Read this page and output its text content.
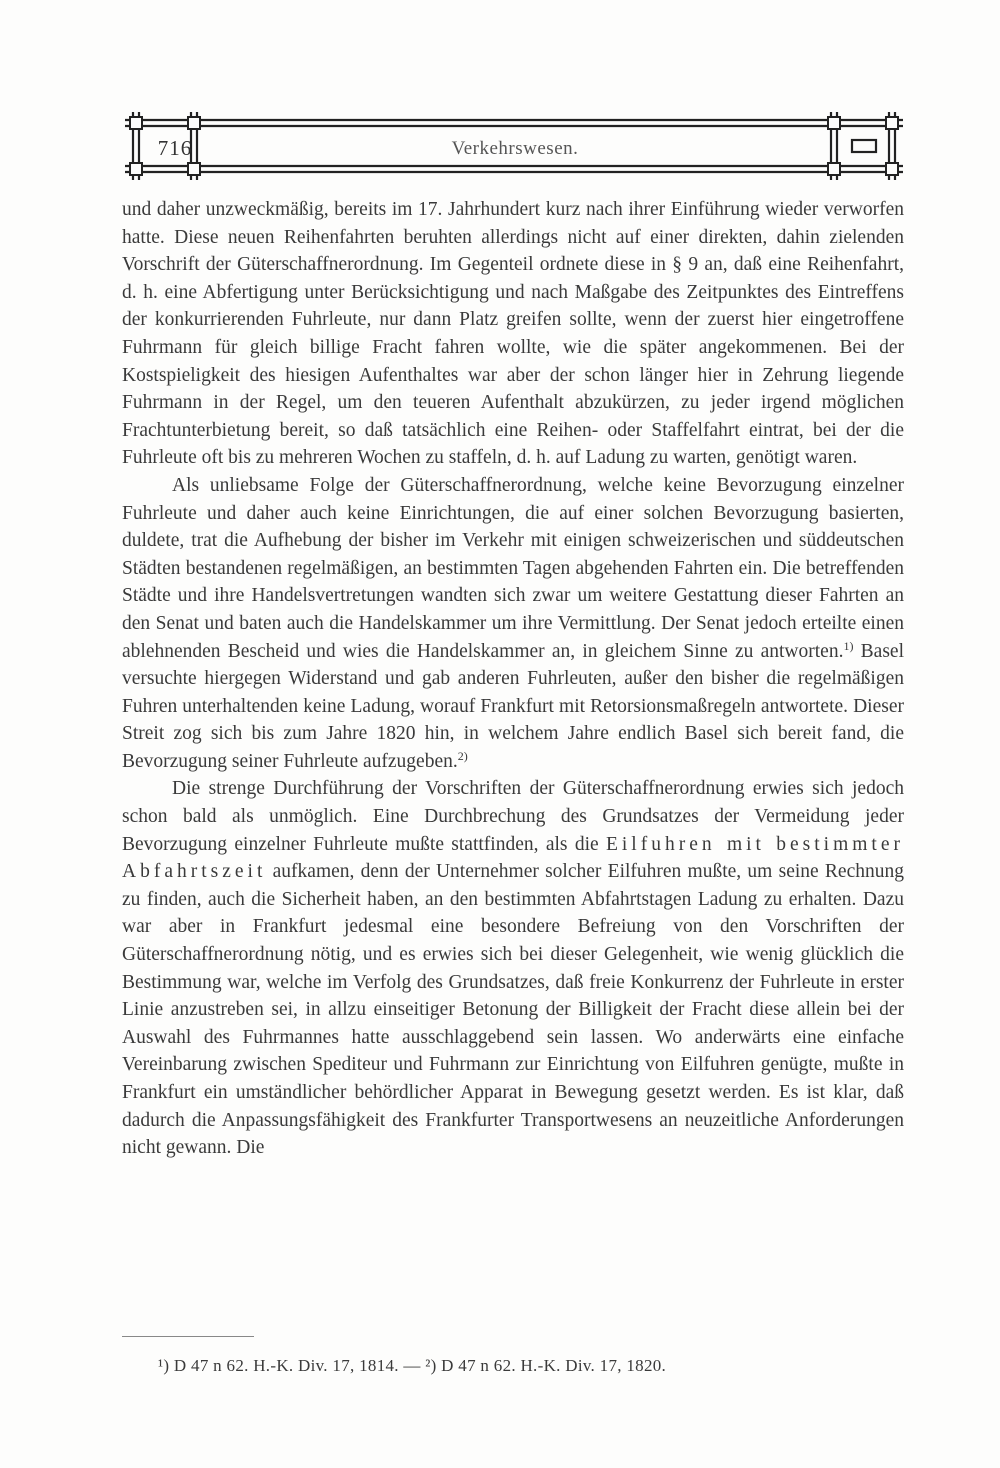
716	Verkehrswesen.

und daher unzweckmäßig, bereits im 17. Jahrhundert kurz nach ihrer Einführung wieder verworfen hatte. Diese neuen Reihenfahrten beruhten allerdings nicht auf einer direkten, dahin zielenden Vorschrift der Güterschaffnerordnung. Im Gegenteil ordnete diese in § 9 an, daß eine Reihenfahrt, d. h. eine Abfertigung unter Berücksichtigung und nach Maßgabe des Zeitpunktes des Eintreffens der konkurrierenden Fuhrleute, nur dann Platz greifen sollte, wenn der zuerst hier eingetroffene Fuhrmann für gleich billige Fracht fahren wollte, wie die später angekommenen. Bei der Kostspieligkeit des hiesigen Aufenthaltes war aber der schon länger hier in Zehrung liegende Fuhrmann in der Regel, um den teueren Aufenthalt abzukürzen, zu jeder irgend möglichen Frachtunterbietung bereit, so daß tatsächlich eine Reihen- oder Staffelfahrt eintrat, bei der die Fuhrleute oft bis zu mehreren Wochen zu staffeln, d. h. auf Ladung zu warten, genötigt waren.

Als unliebsame Folge der Güterschaffnerordnung, welche keine Bevorzugung einzelner Fuhrleute und daher auch keine Einrichtungen, die auf einer solchen Bevorzugung basierten, duldete, trat die Aufhebung der bisher im Verkehr mit einigen schweizerischen und süddeutschen Städten bestandenen regelmäßigen, an bestimmten Tagen abgehenden Fahrten ein. Die betreffenden Städte und ihre Handelsvertretungen wandten sich zwar um weitere Gestattung dieser Fahrten an den Senat und baten auch die Handelskammer um ihre Vermittlung. Der Senat jedoch erteilte einen ablehnenden Bescheid und wies die Handelskammer an, in gleichem Sinne zu antworten.$^{1)}$ Basel versuchte hiergegen Widerstand und gab anderen Fuhrleuten, außer den bisher die regelmäßigen Fuhren unterhaltenden keine Ladung, worauf Frankfurt mit Retorsionsmaßregeln antwortete. Dieser Streit zog sich bis zum Jahre 1820 hin, in welchem Jahre endlich Basel sich bereit fand, die Bevorzugung seiner Fuhrleute aufzugeben.$^{2)}$

Die strenge Durchführung der Vorschriften der Güterschaffnerordnung erwies sich jedoch schon bald als unmöglich. Eine Durchbrechung des Grundsatzes der Vermeidung jeder Bevorzugung einzelner Fuhrleute mußte stattfinden, als die Eilfuhren mit bestimmter Abfahrtszeit aufkamen, denn der Unternehmer solcher Eilfuhren mußte, um seine Rechnung zu finden, auch die Sicherheit haben, an den bestimmten Abfahrtstagen Ladung zu erhalten. Dazu war aber in Frankfurt jedesmal eine besondere Befreiung von den Vorschriften der Güterschaffnerordnung nötig, und es erwies sich bei dieser Gelegenheit, wie wenig glücklich die Bestimmung war, welche im Verfolg des Grundsatzes, daß freie Konkurrenz der Fuhrleute in erster Linie anzustreben sei, in allzu einseitiger Betonung der Billigkeit der Fracht diese allein bei der Auswahl des Fuhrmannes hatte ausschlaggebend sein lassen. Wo anderwärts eine einfache Vereinbarung zwischen Spediteur und Fuhrmann zur Einrichtung von Eilfuhren genügte, mußte in Frankfurt ein umständlicher behördlicher Apparat in Bewegung gesetzt werden. Es ist klar, daß dadurch die Anpassungsfähigkeit des Frankfurter Transportwesens an neuzeitliche Anforderungen nicht gewann. Die

¹) D 47 n 62. H.-K. Div. 17, 1814. — ²) D 47 n 62. H.-K. Div. 17, 1820.
